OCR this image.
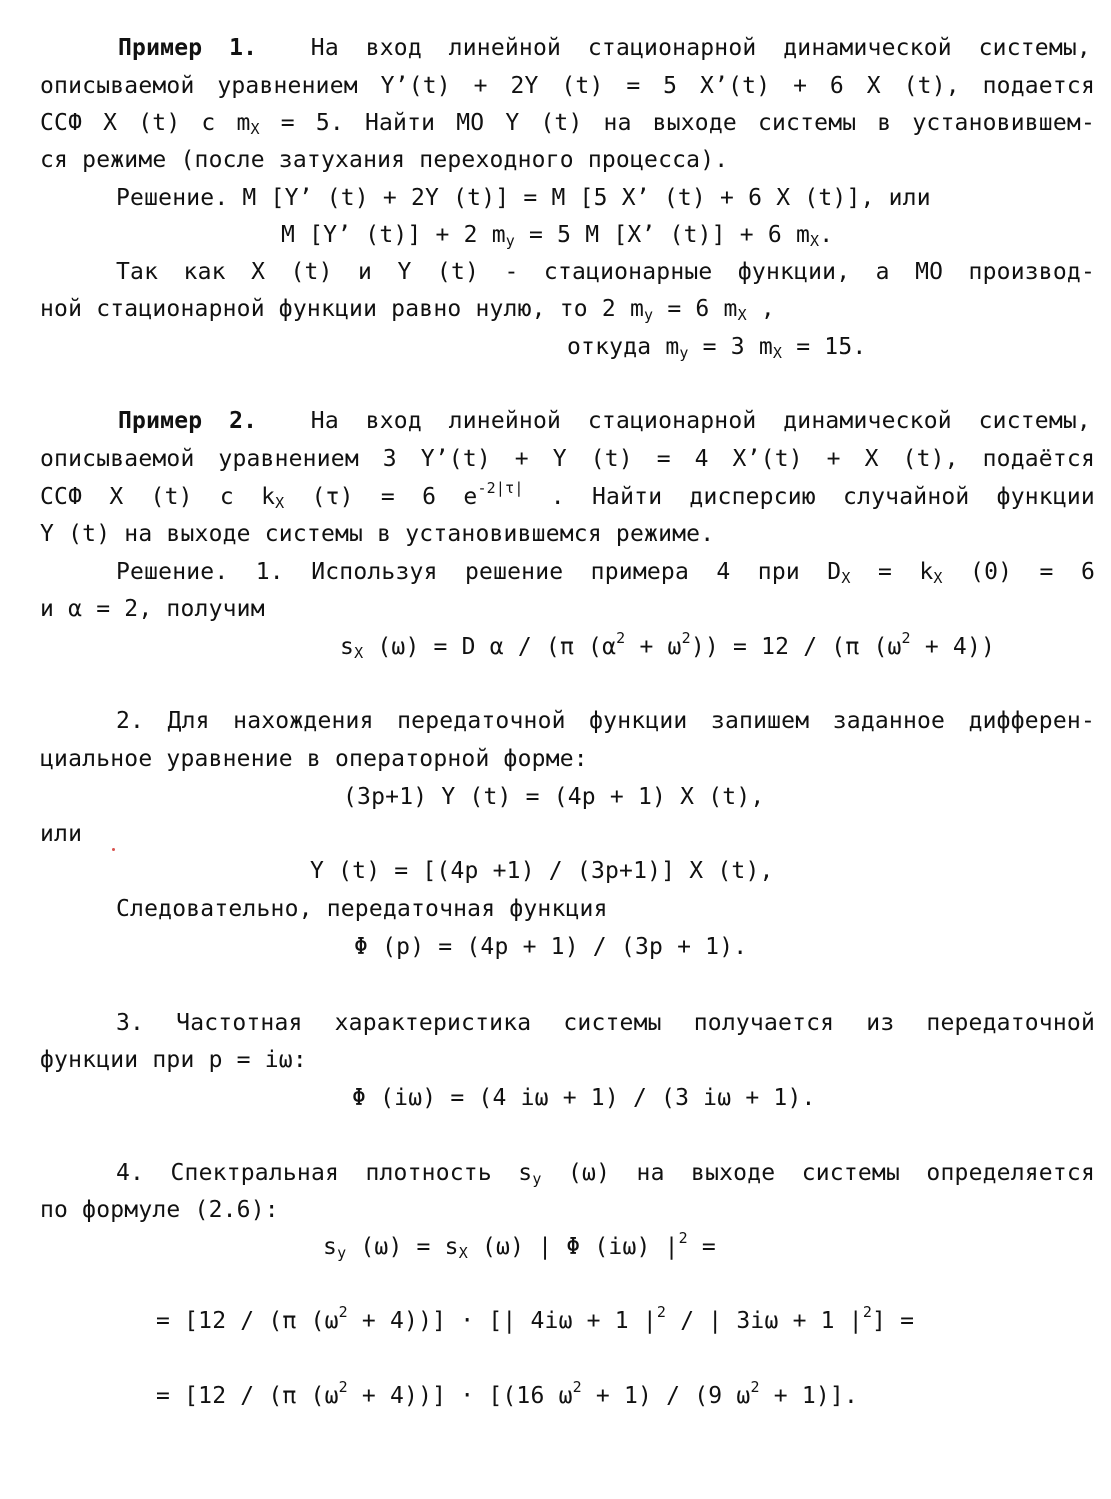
Пример 1. На вход линейной стационарной динамической системы,
описываемой уравнением Y’(t) + 2Y (t) = 5 X’(t) + 6 X (t), подается
ССФ X (t) с $m_X = 5$. Найти МО Y (t) на выходе системы в установившем-
ся режиме (после затухания переходного процесса).
Решение. M [Y’ (t) + 2Y (t)] = M [5 X’ (t) + 6 X (t)], или
M [Y’ (t)] + 2 $m_y = 5$ M [X’ (t)] + 6 $m_X$.
Так как X (t) и Y (t) - стационарные функции, а МО производ-
ной стационарной функции равно нулю, то 2 $m_y = 6$ $m_X$ ,
откуда $m_y = 3$ $m_X = 15$.
Пример 2. На вход линейной стационарной динамической системы,
описываемой уравнением 3 Y’(t) + Y (t) = 4 X’(t) + X (t), подаётся
ССФ X (t) с $k_X$ (τ) = 6 $e^{-2|\tau|}$ . Найти дисперсию случайной функции
Y (t) на выходе системы в установившемся режиме.
Решение. 1. Используя решение примера 4 при $D_X = k_X$ (0) = 6
и α = 2, получим
$s_X$ (ω) = D α / (π $(\alpha^2 + \omega^2)) = 12 / (\pi$ $(\omega^2 + 4)$)
2. Для нахождения передаточной функции запишем заданное дифферен-
циальное уравнение в операторной форме:
(3p+1) Y (t) = (4p + 1) X (t),
или
Y (t) = [(4p +1) / (3p+1)] X (t),
Следовательно, передаточная функция
Φ (p) = (4p + 1) / (3p + 1).
3. Частотная характеристика системы получается из передаточной
функции при p = iω:
Φ (iω) = (4 iω + 1) / (3 iω + 1).
4. Спектральная плотность $s_y$ (ω) на выходе системы определяется
по формуле (2.6):
$s_y$ $(\omega) = s_X$ (ω) | Φ (iω) $|^2$ =
= [12 / (π $(\omega^2 + 4)$)] · [| 4iω + 1 $|^2$ / | 3iω + 1 $|^2$] =
= [12 / (π $(\omega^2 + 4))] \cdot [(16$ $\omega^2 + 1) / (9$ $\omega^2 + 1$)].
